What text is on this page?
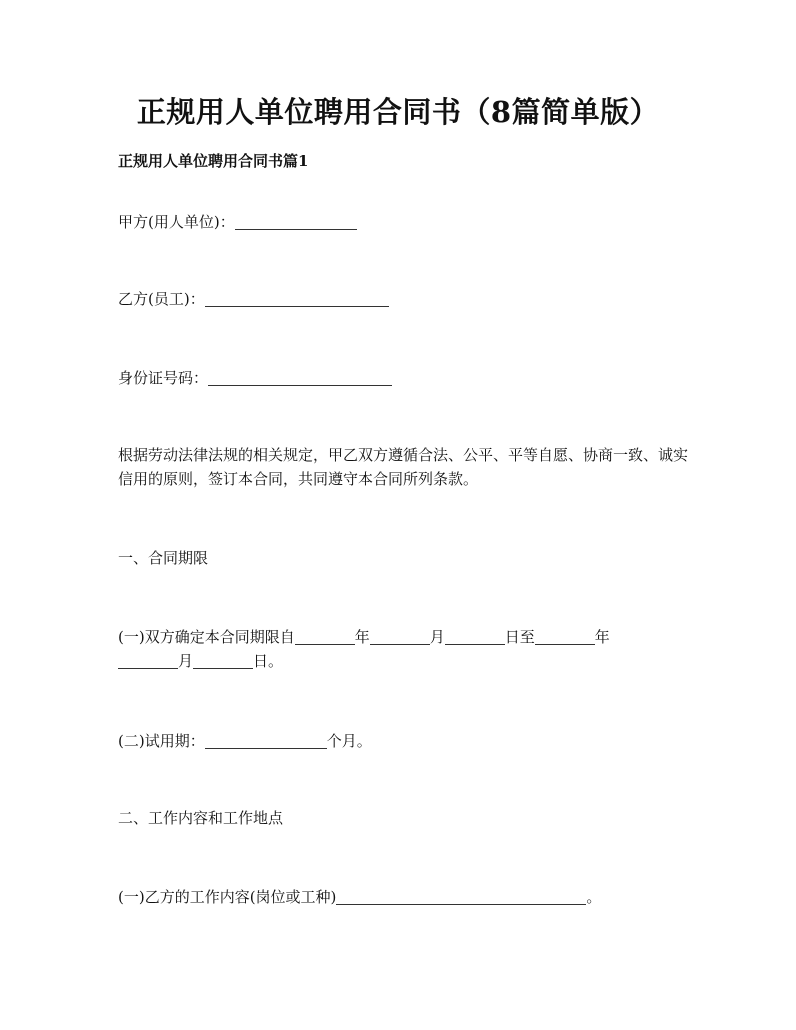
正规用人单位聘用合同书（8篇简单版）
正规用人单位聘用合同书篇1
甲方(用人单位)：
乙方(员工)：
身份证号码：
根据劳动法律法规的相关规定，甲乙双方遵循合法、公平、平等自愿、协商一致、诚实信用的原则，签订本合同，共同遵守本合同所列条款。
一、合同期限
(一)双方确定本合同期限自	年	月	日至	年
月	日。
(二)试用期：	个月。
二、工作内容和工作地点
(一)乙方的工作内容(岗位或工种)	。
